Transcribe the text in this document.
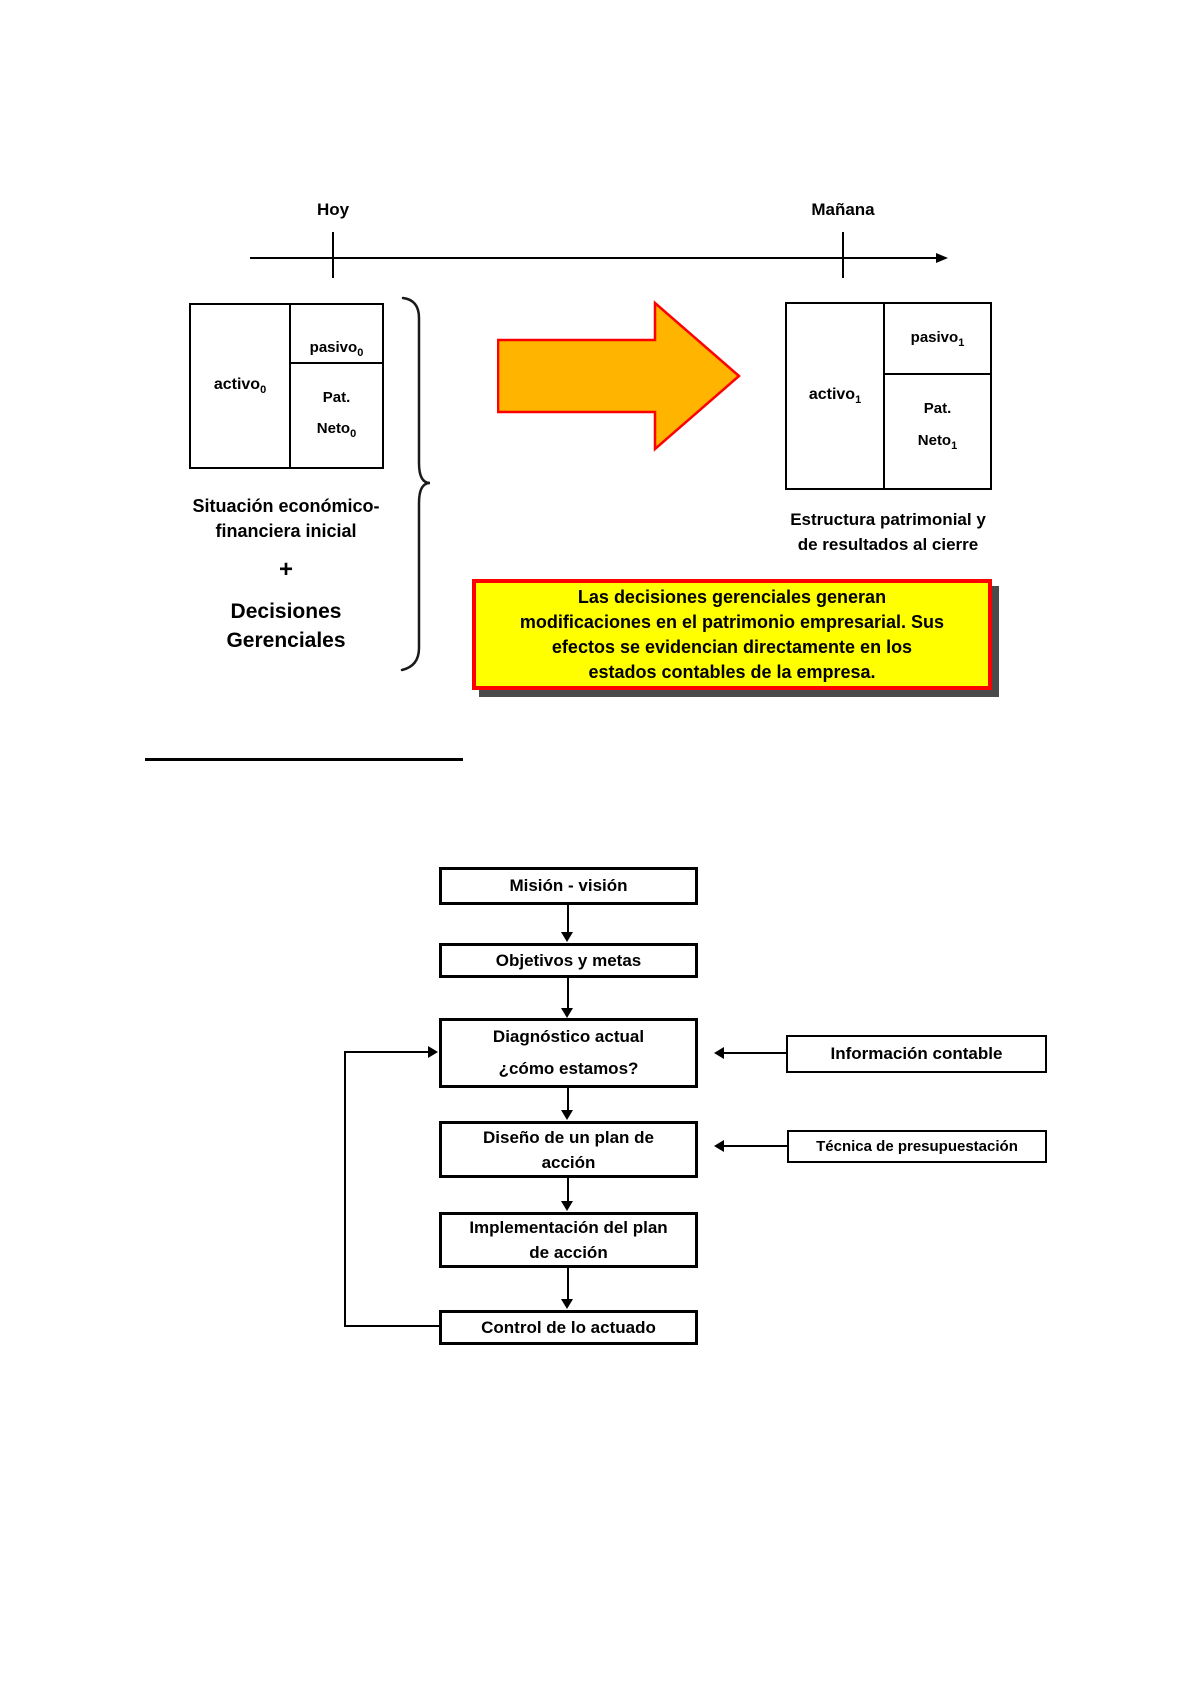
Hoy	Mañana
activo$_0$
pasivo$_0$
Pat.
Neto$_0$
activo$_1$
pasivo$_1$
Pat.
Neto$_1$
Situación económico-
financiera inicial
+
Decisiones
Gerenciales
Estructura patrimonial y
de resultados al cierre
Las decisiones gerenciales generan
modificaciones en el patrimonio empresarial. Sus
efectos se evidencian directamente en los
estados contables de la empresa.
Misión - visión
Objetivos y metas
Diagnóstico actual
¿cómo estamos?
Diseño de un plan de
acción
Implementación del plan
de acción
Control de lo actuado
Información contable
Técnica de presupuestación
